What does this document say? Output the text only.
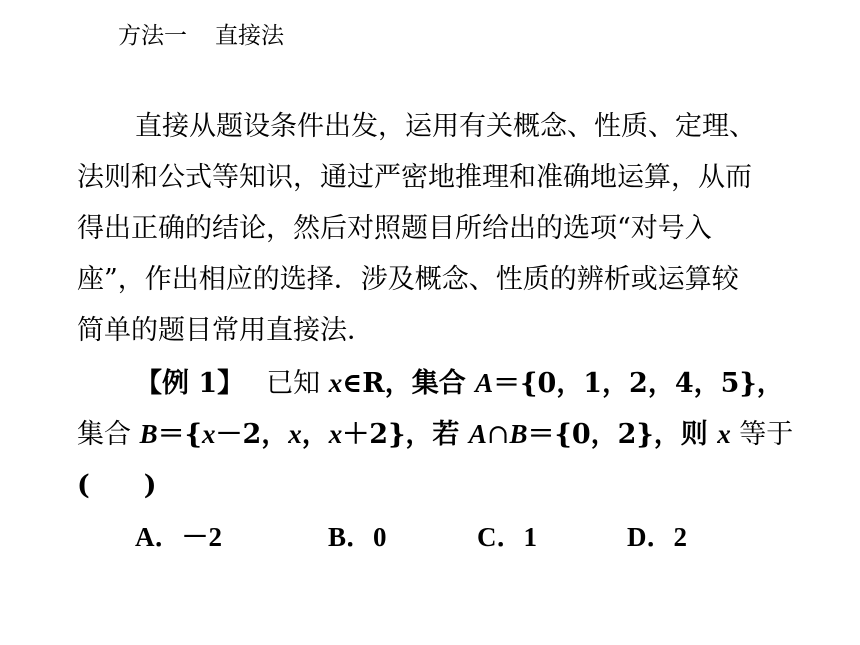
方法一 直接法
直接从题设条件出发，运用有关概念、性质、定理、
法则和公式等知识，通过严密地推理和准确地运算，从而
得出正确的结论，然后对照题目所给出的选项“对号入
座”，作出相应的选择．涉及概念、性质的辨析或运算较
简单的题目常用直接法．
【例 1】 已知 x∈R，集合 A＝{0，1，2，4，5}，
集合 B＝{x－2，x，x＋2}，若 A∩B＝{0，2}，则 x 等于
(　　)
A．－2	B．0	C．1	D．2
